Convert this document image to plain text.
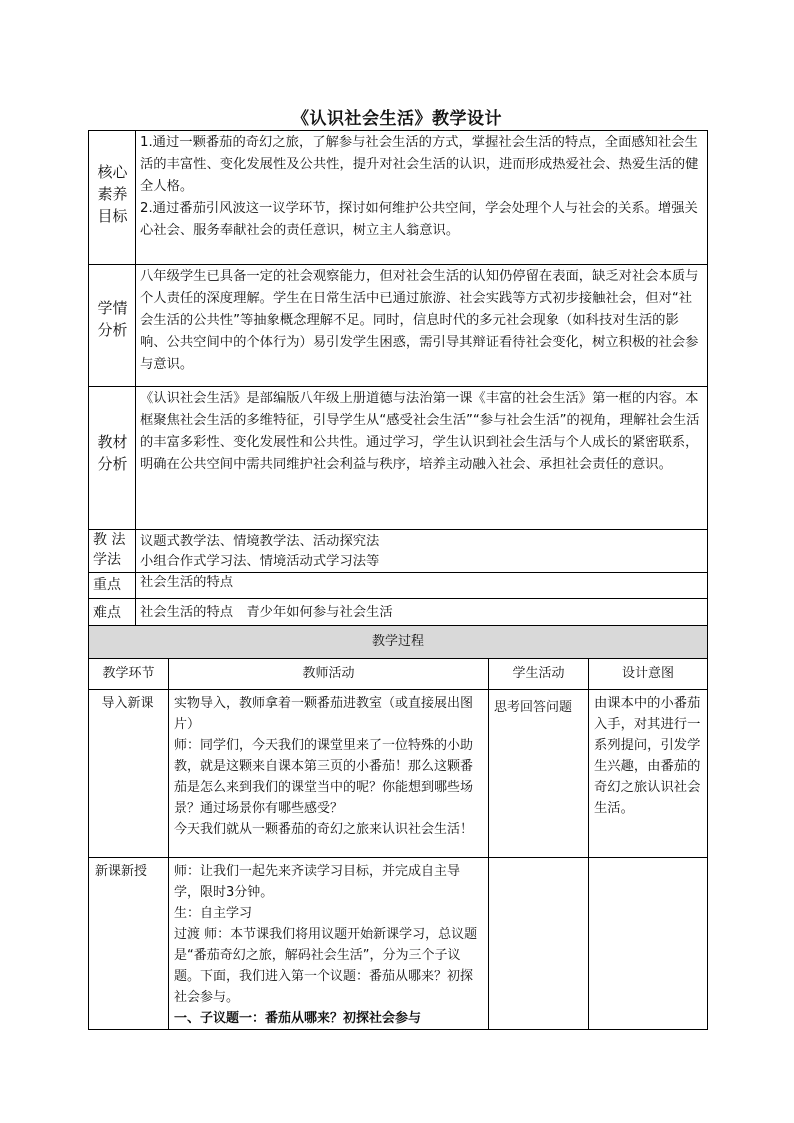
《认识社会生活》教学设计
核心素养目标	1.通过一颗番茄的奇幻之旅，了解参与社会生活的方式，掌握社会生活的特点，全面感知社会生活的丰富性、变化发展性及公共性，提升对社会生活的认识，进而形成热爱社会、热爱生活的健全人格。

2.通过番茄引风波这一议学环节，探讨如何维护公共空间，学会处理个人与社会的关系。增强关心社会、服务奉献社会的责任意识，树立主人翁意识。

学情分析	八年级学生已具备一定的社会观察能力，但对社会生活的认知仍停留在表面，缺乏对社会本质与个人责任的深度理解。学生在日常生活中已通过旅游、社会实践等方式初步接触社会，但对“社会生活的公共性”等抽象概念理解不足。同时，信息时代的多元社会现象（如科技对生活的影响、公共空间中的个体行为）易引发学生困惑，需引导其辩证看待社会变化，树立积极的社会参与意识。

教材分析	《认识社会生活》是部编版八年级上册道德与法治第一课《丰富的社会生活》第一框的内容。本框聚焦社会生活的多维特征，引导学生从“感受社会生活”“参与社会生活”的视角，理解社会生活的丰富多彩性、变化发展性和公共性。通过学习，学生认识到社会生活与个人成长的紧密联系，明确在公共空间中需共同维护社会利益与秩序，培养主动融入社会、承担社会责任的意识。

教 法学法	议题式教学法、情境教学法、活动探究法
小组合作式学习法、情境活动式学习法等

重点	社会生活的特点
难点	社会生活的特点　青少年如何参与社会生活
教学过程			
教学环节	教师活动	学生活动	设计意图
导入新课	实物导入，教师拿着一颗番茄进教室（或直接展出图片）
师：同学们，今天我们的课堂里来了一位特殊的小助教，就是这颗来自课本第三页的小番茄！那么这颗番茄是怎么来到我们的课堂当中的呢？你能想到哪些场景？通过场景你有哪些感受？
今天我们就从一颗番茄的奇幻之旅来认识社会生活！	思考回答问题	由课本中的小番茄入手，对其进行一系列提问，引发学生兴趣，由番茄的奇幻之旅认识社会生活。
新课新授	师：让我们一起先来齐读学习目标，并完成自主导学，限时3分钟。
生：自主学习
过渡 师：本节课我们将用议题开始新课学习，总议题是“番茄奇幻之旅，解码社会生活”，分为三个子议题。下面，我们进入第一个议题：番茄从哪来？初探社会参与。
一、子议题一：番茄从哪来？初探社会参与		
